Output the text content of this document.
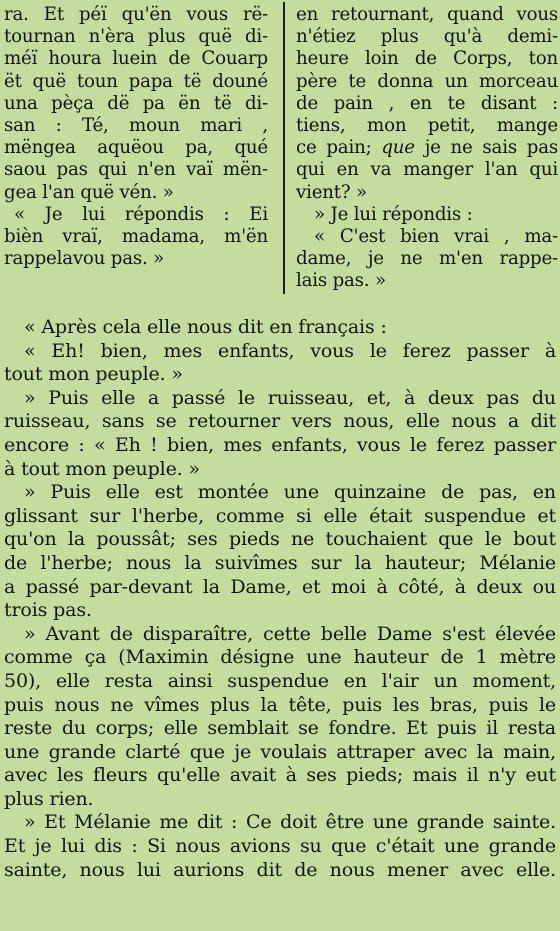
ra. Et péï qu'ën vous rë-
tournan n'èra plus quë di-
méï houra luein de Couarp
ët quë toun papa të douné
una pèça dë pa ën të di-
san : Té, moun mari ,
mëngea aquëou pa, qué
saou pas qui n'en vaï mën-
gea l'an quë vén. »

« Je lui répondis : Ei
bièn vraï, madama, m'ën
rappelavou pas. »

en retournant, quand vous
n'étiez plus qu'à demi-
heure loin de Corps, ton
père te donna un morceau
de pain , en te disant :
tiens, mon petit, mange
ce pain; que je ne sais pas
qui en va manger l'an qui
vient? »

» Je lui répondis :
« C'est bien vrai , ma-
dame, je ne m'en rappe-
lais pas. »

« Après cela elle nous dit en français :

« Eh! bien, mes enfants, vous le ferez passer à
tout mon peuple. »

» Puis elle a passé le ruisseau, et, à deux pas du
ruisseau, sans se retourner vers nous, elle nous a dit
encore : « Eh ! bien, mes enfants, vous le ferez passer
à tout mon peuple. »

» Puis elle est montée une quinzaine de pas, en
glissant sur l'herbe, comme si elle était suspendue et
qu'on la poussât; ses pieds ne touchaient que le bout
de l'herbe; nous la suivîmes sur la hauteur; Mélanie
a passé par-devant la Dame, et moi à côté, à deux ou
trois pas.

» Avant de disparaître, cette belle Dame s'est élevée
comme ça (Maximin désigne une hauteur de 1 mètre
50), elle resta ainsi suspendue en l'air un moment,
puis nous ne vîmes plus la tête, puis les bras, puis le
reste du corps; elle semblait se fondre. Et puis il resta
une grande clarté que je voulais attraper avec la main,
avec les fleurs qu'elle avait à ses pieds; mais il n'y eut
plus rien.

» Et Mélanie me dit : Ce doit être une grande sainte.
Et je lui dis : Si nous avions su que c'était une grande
sainte, nous lui aurions dit de nous mener avec elle.
